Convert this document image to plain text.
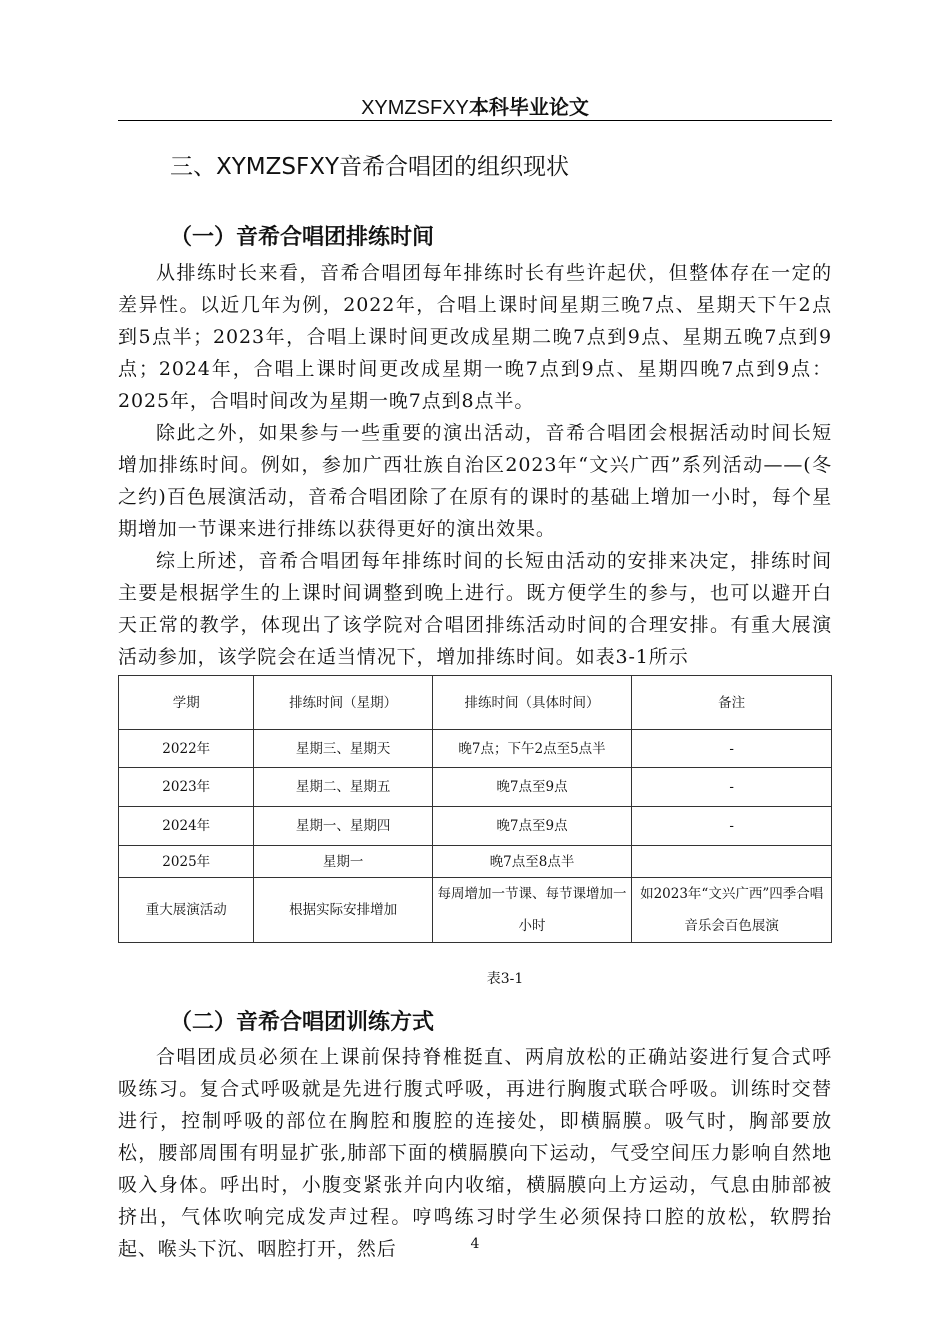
XYMZSFXY本科毕业论文
三、XYMZSFXY音希合唱团的组织现状
（一）音希合唱团排练时间
从排练时长来看，音希合唱团每年排练时长有些许起伏，但整体存在一定的差异性。以近几年为例，2022年，合唱上课时间星期三晚7点、星期天下午2点到5点半；2023年，合唱上课时间更改成星期二晚7点到9点、星期五晚7点到9点；2024年，合唱上课时间更改成星期一晚7点到9点、星期四晚7点到9点：2025年，合唱时间改为星期一晚7点到8点半。
除此之外，如果参与一些重要的演出活动，音希合唱团会根据活动时间长短增加排练时间。例如，参加广西壮族自治区2023年“文兴广西”系列活动——(冬之约)百色展演活动，音希合唱团除了在原有的课时的基础上增加一小时，每个星期增加一节课来进行排练以获得更好的演出效果。
综上所述，音希合唱团每年排练时间的长短由活动的安排来决定，排练时间主要是根据学生的上课时间调整到晚上进行。既方便学生的参与，也可以避开白天正常的教学，体现出了该学院对合唱团排练活动时间的合理安排。有重大展演活动参加，该学院会在适当情况下，增加排练时间。如表3-1所示
学期	排练时间（星期）	排练时间（具体时间）	备注
2022年	星期三、星期天	晚7点；下午2点至5点半	-
2023年	星期二、星期五	晚7点至9点	-
2024年	星期一、星期四	晚7点至9点	-
2025年	星期一	晚7点至8点半	
重大展演活动	根据实际安排增加	每周增加一节课、每节课增加一小时	如2023年“文兴广西”四季合唱音乐会百色展演
表3-1
（二）音希合唱团训练方式
合唱团成员必须在上课前保持脊椎挺直、两肩放松的正确站姿进行复合式呼吸练习。复合式呼吸就是先进行腹式呼吸，再进行胸腹式联合呼吸。训练时交替进行，控制呼吸的部位在胸腔和腹腔的连接处，即横膈膜。吸气时，胸部要放松，腰部周围有明显扩张,肺部下面的横膈膜向下运动，气受空间压力影响自然地吸入身体。呼出时，小腹变紧张并向内收缩，横膈膜向上方运动，气息由肺部被挤出，气体吹响完成发声过程。哼鸣练习时学生必须保持口腔的放松，软腭抬起、喉头下沉、咽腔打开，然后	4
